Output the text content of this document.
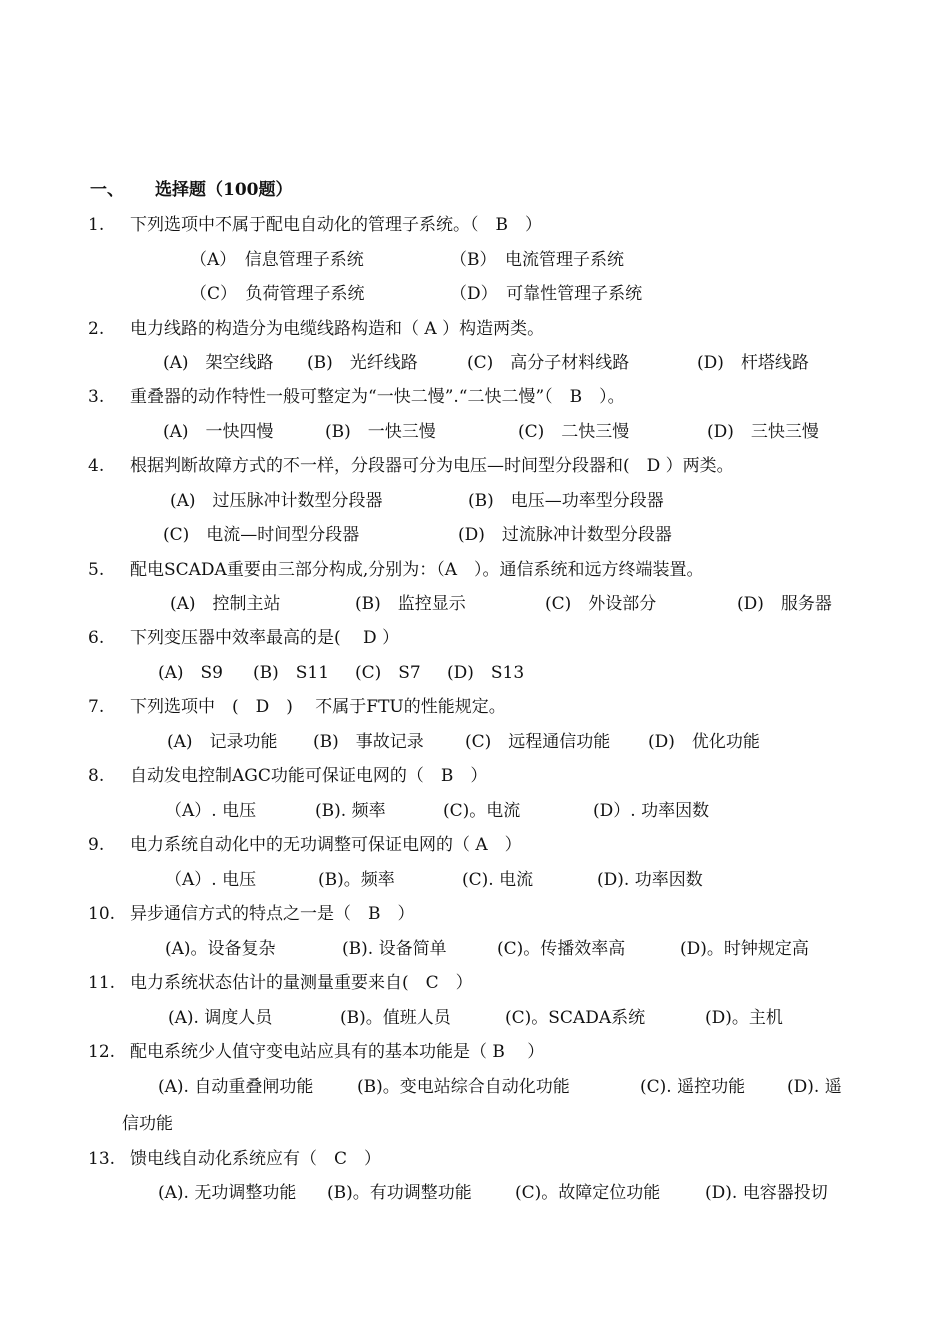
一、 选择题（100题）
1. 下列选项中不属于配电自动化的管理子系统。（　B　）
（A）　信息管理子系统	（B）　电流管理子系统
（C）　负荷管理子系统	（D）　可靠性管理子系统
2. 电力线路的构造分为电缆线路构造和（ A ）构造两类。
(A)　架空线路 (B)　光纤线路	(C)　高分子材料线路	(D)　杆塔线路
3. 重叠器的动作特性一般可整定为“一快二慢”.“二快二慢”（　B　）。
(A)　一快四慢	(B)　一快三慢	(C)　二快三慢	(D)　三快三慢
4. 根据判断故障方式的不一样，分段器可分为电压—时间型分段器和(　D ）两类。
(A)　过压脉冲计数型分段器	(B)　电压—功率型分段器
(C)　电流—时间型分段器	(D)　过流脉冲计数型分段器
5. 配电SCADA重要由三部分构成,分别为：（A　）。通信系统和远方终端装置。
(A)　控制主站	(B)　监控显示	(C)　外设部分	(D)　服务器
6. 下列变压器中效率最高的是(　 D ）
(A)　S9 (B)　S11 (C)　S7 (D)　S13
7. 下列选项中　(　D　)　 不属于FTU的性能规定。
(A)　记录功能 (B)　事故记录 (C)　远程通信功能 (D)　优化功能
8. 自动发电控制AGC功能可保证电网的（　B　）
（A）. 电压	(B). 频率	(C)。电流	(D）. 功率因数
9. 电力系统自动化中的无功调整可保证电网的（ A　）
（A）. 电压	(B)。频率	(C). 电流	(D). 功率因数
10. 异步通信方式的特点之一是（　B　）
(A)。设备复杂	(B). 设备简单	(C)。传播效率高	(D)。时钟规定高
11. 电力系统状态估计的量测量重要来自(　C　）
(A). 调度人员	(B)。值班人员	(C)。SCADA系统	(D)。主机
12. 配电系统少人值守变电站应具有的基本功能是（ B　 ）
(A). 自动重叠闸功能	(B)。变电站综合自动化功能	(C). 遥控功能 (D). 遥
信功能
13. 馈电线自动化系统应有（　C　）
(A). 无功调整功能 (B)。有功调整功能	(C)。故障定位功能	(D). 电容器投切
